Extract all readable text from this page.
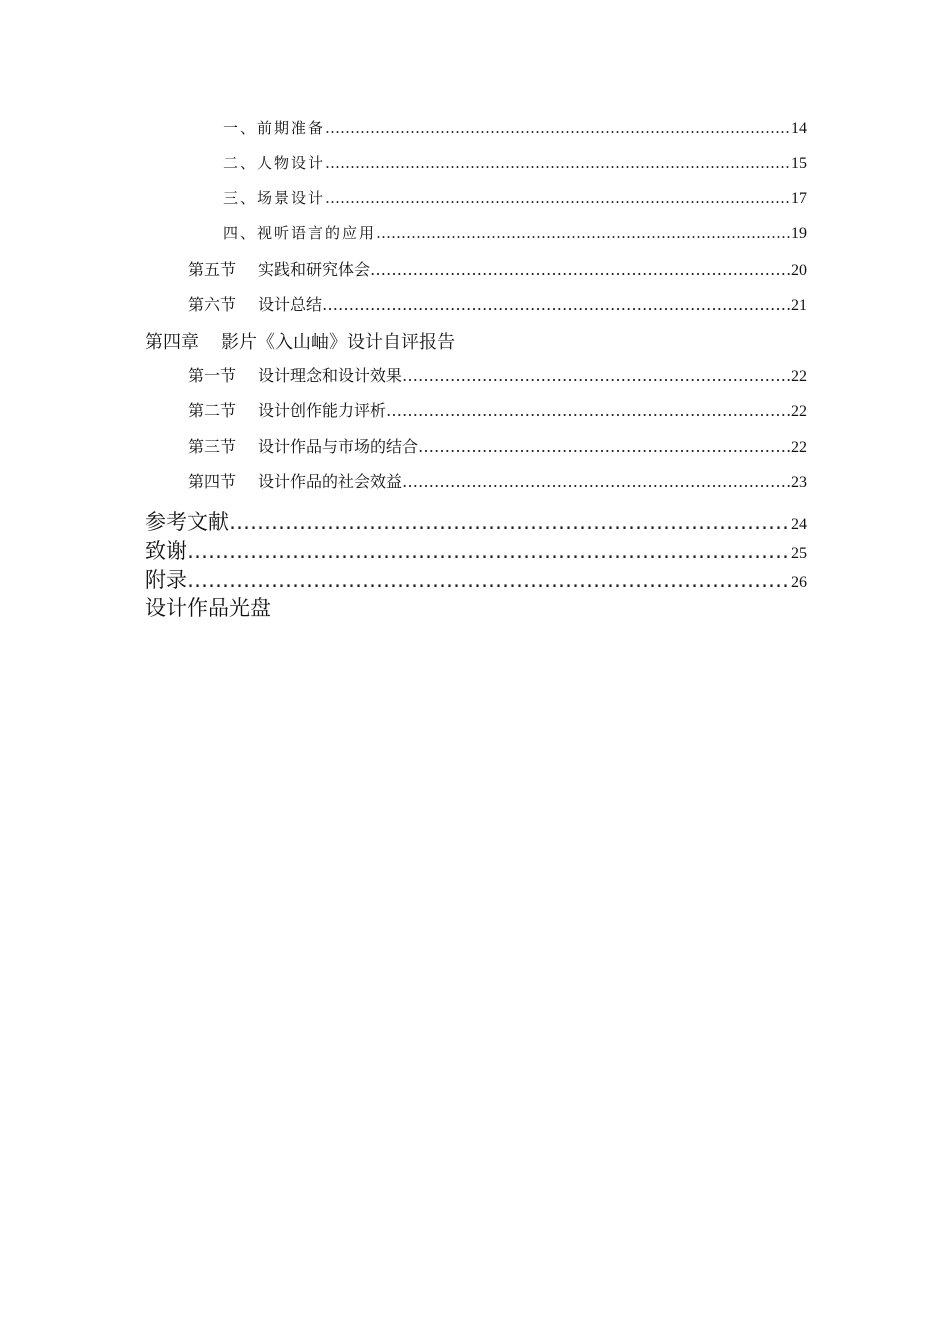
一、前期准备 ………………………………………………………………………………………………………………………………………………………………………………………………………………………………………………………………	14
二、人物设计 ………………………………………………………………………………………………………………………………………………………………………………………………………………………………………………………………	15
三、场景设计 ………………………………………………………………………………………………………………………………………………………………………………………………………………………………………………………………	17
四、视听语言的应用 ………………………………………………………………………………………………………………………………………………………………………………………………………………………………………………………………	19
第五节 实践和研究体会 ………………………………………………………………………………………………………………………………………………………………………………………………………………………………………………………………	20
第六节 设计总结 ………………………………………………………………………………………………………………………………………………………………………………………………………………………………………………………………	21
第四章 影片《入山岫》设计自评报告
第一节 设计理念和设计效果 ………………………………………………………………………………………………………………………………………………………………………………………………………………………………………………………………	22
第二节 设计创作能力评析 ………………………………………………………………………………………………………………………………………………………………………………………………………………………………………………………………	22
第三节 设计作品与市场的结合 ………………………………………………………………………………………………………………………………………………………………………………………………………………………………………………………………	22
第四节 设计作品的社会效益 ………………………………………………………………………………………………………………………………………………………………………………………………………………………………………………………………	23
参考文献 ………………………………………………………………………………………………………………………………………………………………………………………………………………………………………………………………	24
致谢 ………………………………………………………………………………………………………………………………………………………………………………………………………………………………………………………………	25
附录 ………………………………………………………………………………………………………………………………………………………………………………………………………………………………………………………………	26
设计作品光盘
